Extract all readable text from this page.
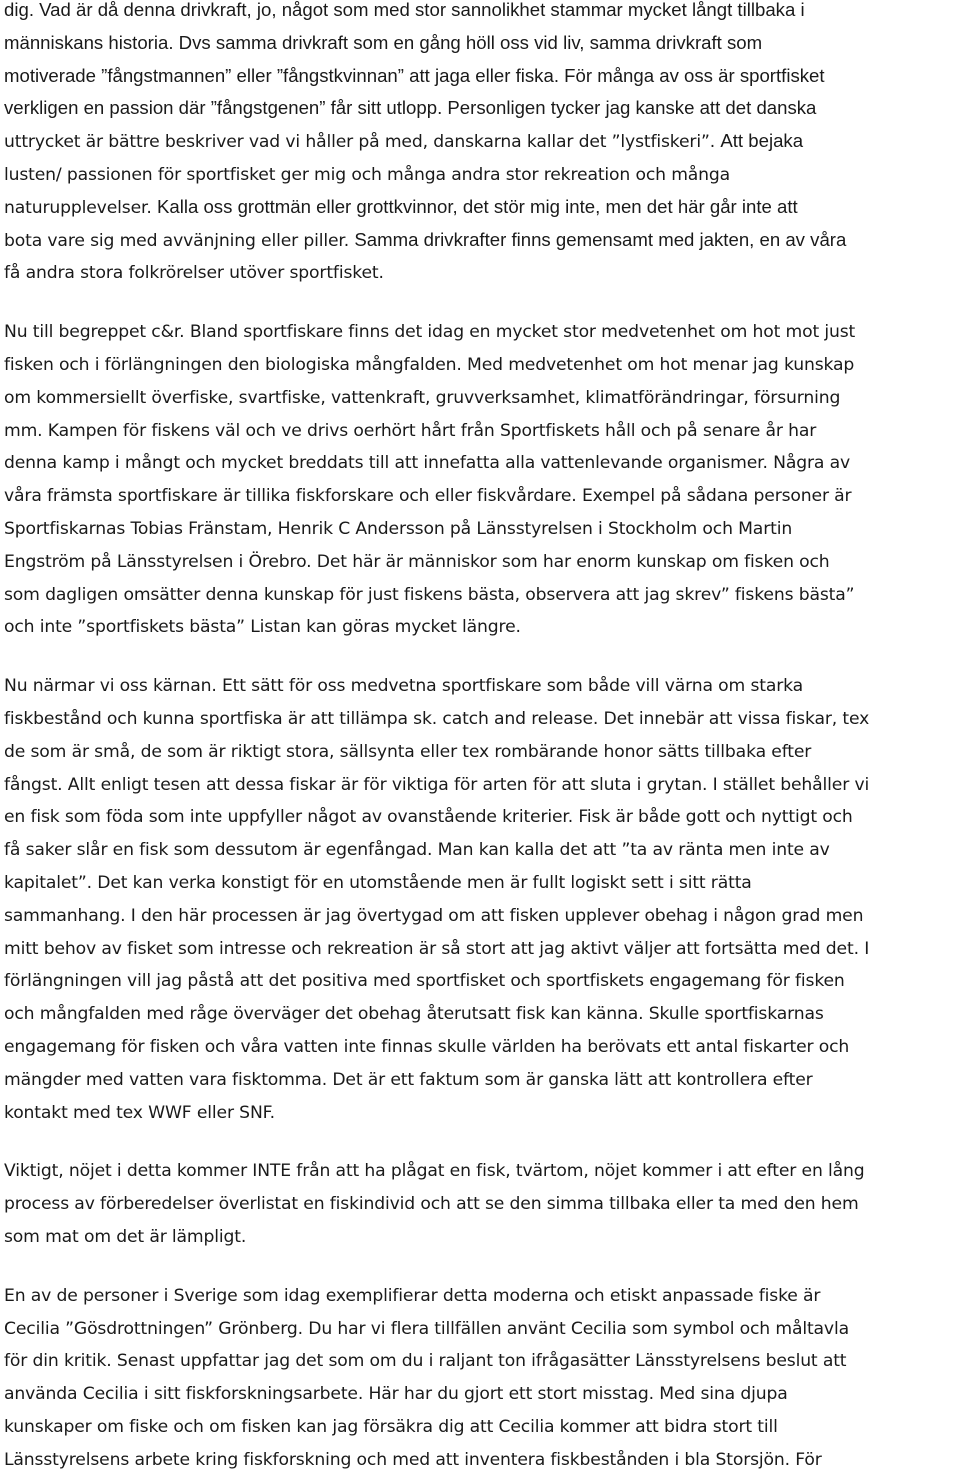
dig. Vad är då denna drivkraft, jo, något som med stor sannolikhet stammar mycket långt tillbaka i
människans historia. Dvs samma drivkraft som en gång höll oss vid liv, samma drivkraft som
motiverade ”fångstmannen” eller ”fångstkvinnan” att jaga eller fiska. För många av oss är sportfisket
verkligen en passion där ”fångstgenen” får sitt utlopp. Personligen tycker jag kanske att det danska
uttrycket är bättre beskriver vad vi håller på med, danskarna kallar det ”lystfiskeri”. Att bejaka
lusten/ passionen för sportfisket ger mig och många andra stor rekreation och många
naturupplevelser. Kalla oss grottmän eller grottkvinnor, det stör mig inte, men det här går inte att
bota vare sig med avvänjning eller piller. Samma drivkrafter finns gemensamt med jakten, en av våra
få andra stora folkrörelser utöver sportfisket.
Nu till begreppet c&r. Bland sportfiskare finns det idag en mycket stor medvetenhet om hot mot just
fisken och i förlängningen den biologiska mångfalden. Med medvetenhet om hot menar jag kunskap
om kommersiellt överfiske, svartfiske, vattenkraft, gruvverksamhet, klimatförändringar, försurning
mm. Kampen för fiskens väl och ve drivs oerhört hårt från Sportfiskets håll och på senare år har
denna kamp i mångt och mycket breddats till att innefatta alla vattenlevande organismer. Några av
våra främsta sportfiskare är tillika fiskforskare och eller fiskvårdare. Exempel på sådana personer är
Sportfiskarnas Tobias Fränstam, Henrik C Andersson på Länsstyrelsen i Stockholm och Martin
Engström på Länsstyrelsen i Örebro. Det här är människor som har enorm kunskap om fisken och
som dagligen omsätter denna kunskap för just fiskens bästa, observera att jag skrev” fiskens bästa”
och inte ”sportfiskets bästa” Listan kan göras mycket längre.
Nu närmar vi oss kärnan. Ett sätt för oss medvetna sportfiskare som både vill värna om starka
fiskbestånd och kunna sportfiska är att tillämpa sk. catch and release. Det innebär att vissa fiskar, tex
de som är små, de som är riktigt stora, sällsynta eller tex rombärande honor sätts tillbaka efter
fångst. Allt enligt tesen att dessa fiskar är för viktiga för arten för att sluta i grytan. I stället behåller vi
en fisk som föda som inte uppfyller något av ovanstående kriterier. Fisk är både gott och nyttigt och
få saker slår en fisk som dessutom är egenfångad. Man kan kalla det att ”ta av ränta men inte av
kapitalet”. Det kan verka konstigt för en utomstående men är fullt logiskt sett i sitt rätta
sammanhang. I den här processen är jag övertygad om att fisken upplever obehag i någon grad men
mitt behov av fisket som intresse och rekreation är så stort att jag aktivt väljer att fortsätta med det. I
förlängningen vill jag påstå att det positiva med sportfisket och sportfiskets engagemang för fisken
och mångfalden med råge överväger det obehag återutsatt fisk kan känna. Skulle sportfiskarnas
engagemang för fisken och våra vatten inte finnas skulle världen ha berövats ett antal fiskarter och
mängder med vatten vara fisktomma. Det är ett faktum som är ganska lätt att kontrollera efter
kontakt med tex WWF eller SNF.
Viktigt, nöjet i detta kommer INTE från att ha plågat en fisk, tvärtom, nöjet kommer i att efter en lång
process av förberedelser överlistat en fiskindivid och att se den simma tillbaka eller ta med den hem
som mat om det är lämpligt.
En av de personer i Sverige som idag exemplifierar detta moderna och etiskt anpassade fiske är
Cecilia ”Gösdrottningen” Grönberg. Du har vi flera tillfällen använt Cecilia som symbol och måltavla
för din kritik. Senast uppfattar jag det som om du i raljant ton ifrågasätter Länsstyrelsens beslut att
använda Cecilia i sitt fiskforskningsarbete. Här har du gjort ett stort misstag. Med sina djupa
kunskaper om fiske och om fisken kan jag försäkra dig att Cecilia kommer att bidra stort till
Länsstyrelsens arbete kring fiskforskning och med att inventera fiskbestånden i bla Storsjön. För
